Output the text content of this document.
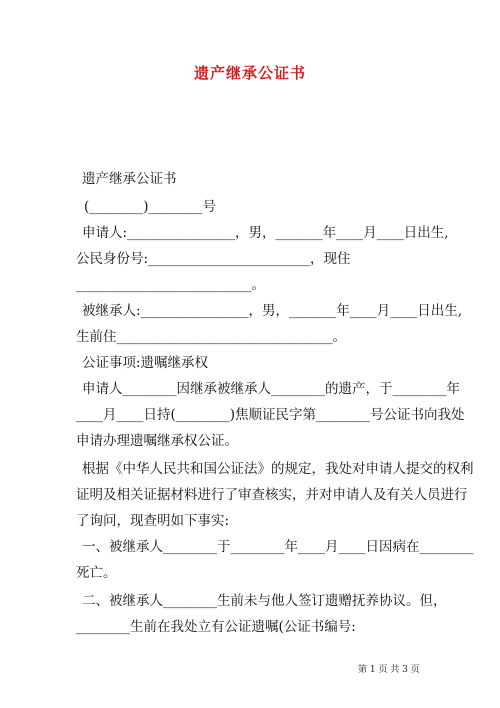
遗产继承公证书
遗产继承公证书
(________)________号
申请人:________________，男，_______年____月____日出生,
公民身份号:________________________，现住
__________________________。
被继承人:________________，男，_______年____月____日出生,
生前住________________________________。
公证事项:遗嘱继承权
申请人________因继承被继承人________的遗产，于________年
____月____日持(________)焦顺证民字第________号公证书向我处
申请办理遗嘱继承权公证。
根据《中华人民共和国公证法》的规定，我处对申请人提交的权利
证明及相关证据材料进行了审查核实，并对申请人及有关人员进行
了询问，现查明如下事实:
一、被继承人________于________年____月____日因病在________
死亡。
二、被继承人________生前未与他人签订遗赠抚养协议。但，
________生前在我处立有公证遗嘱(公证书编号:
第 1 页 共 3 页
